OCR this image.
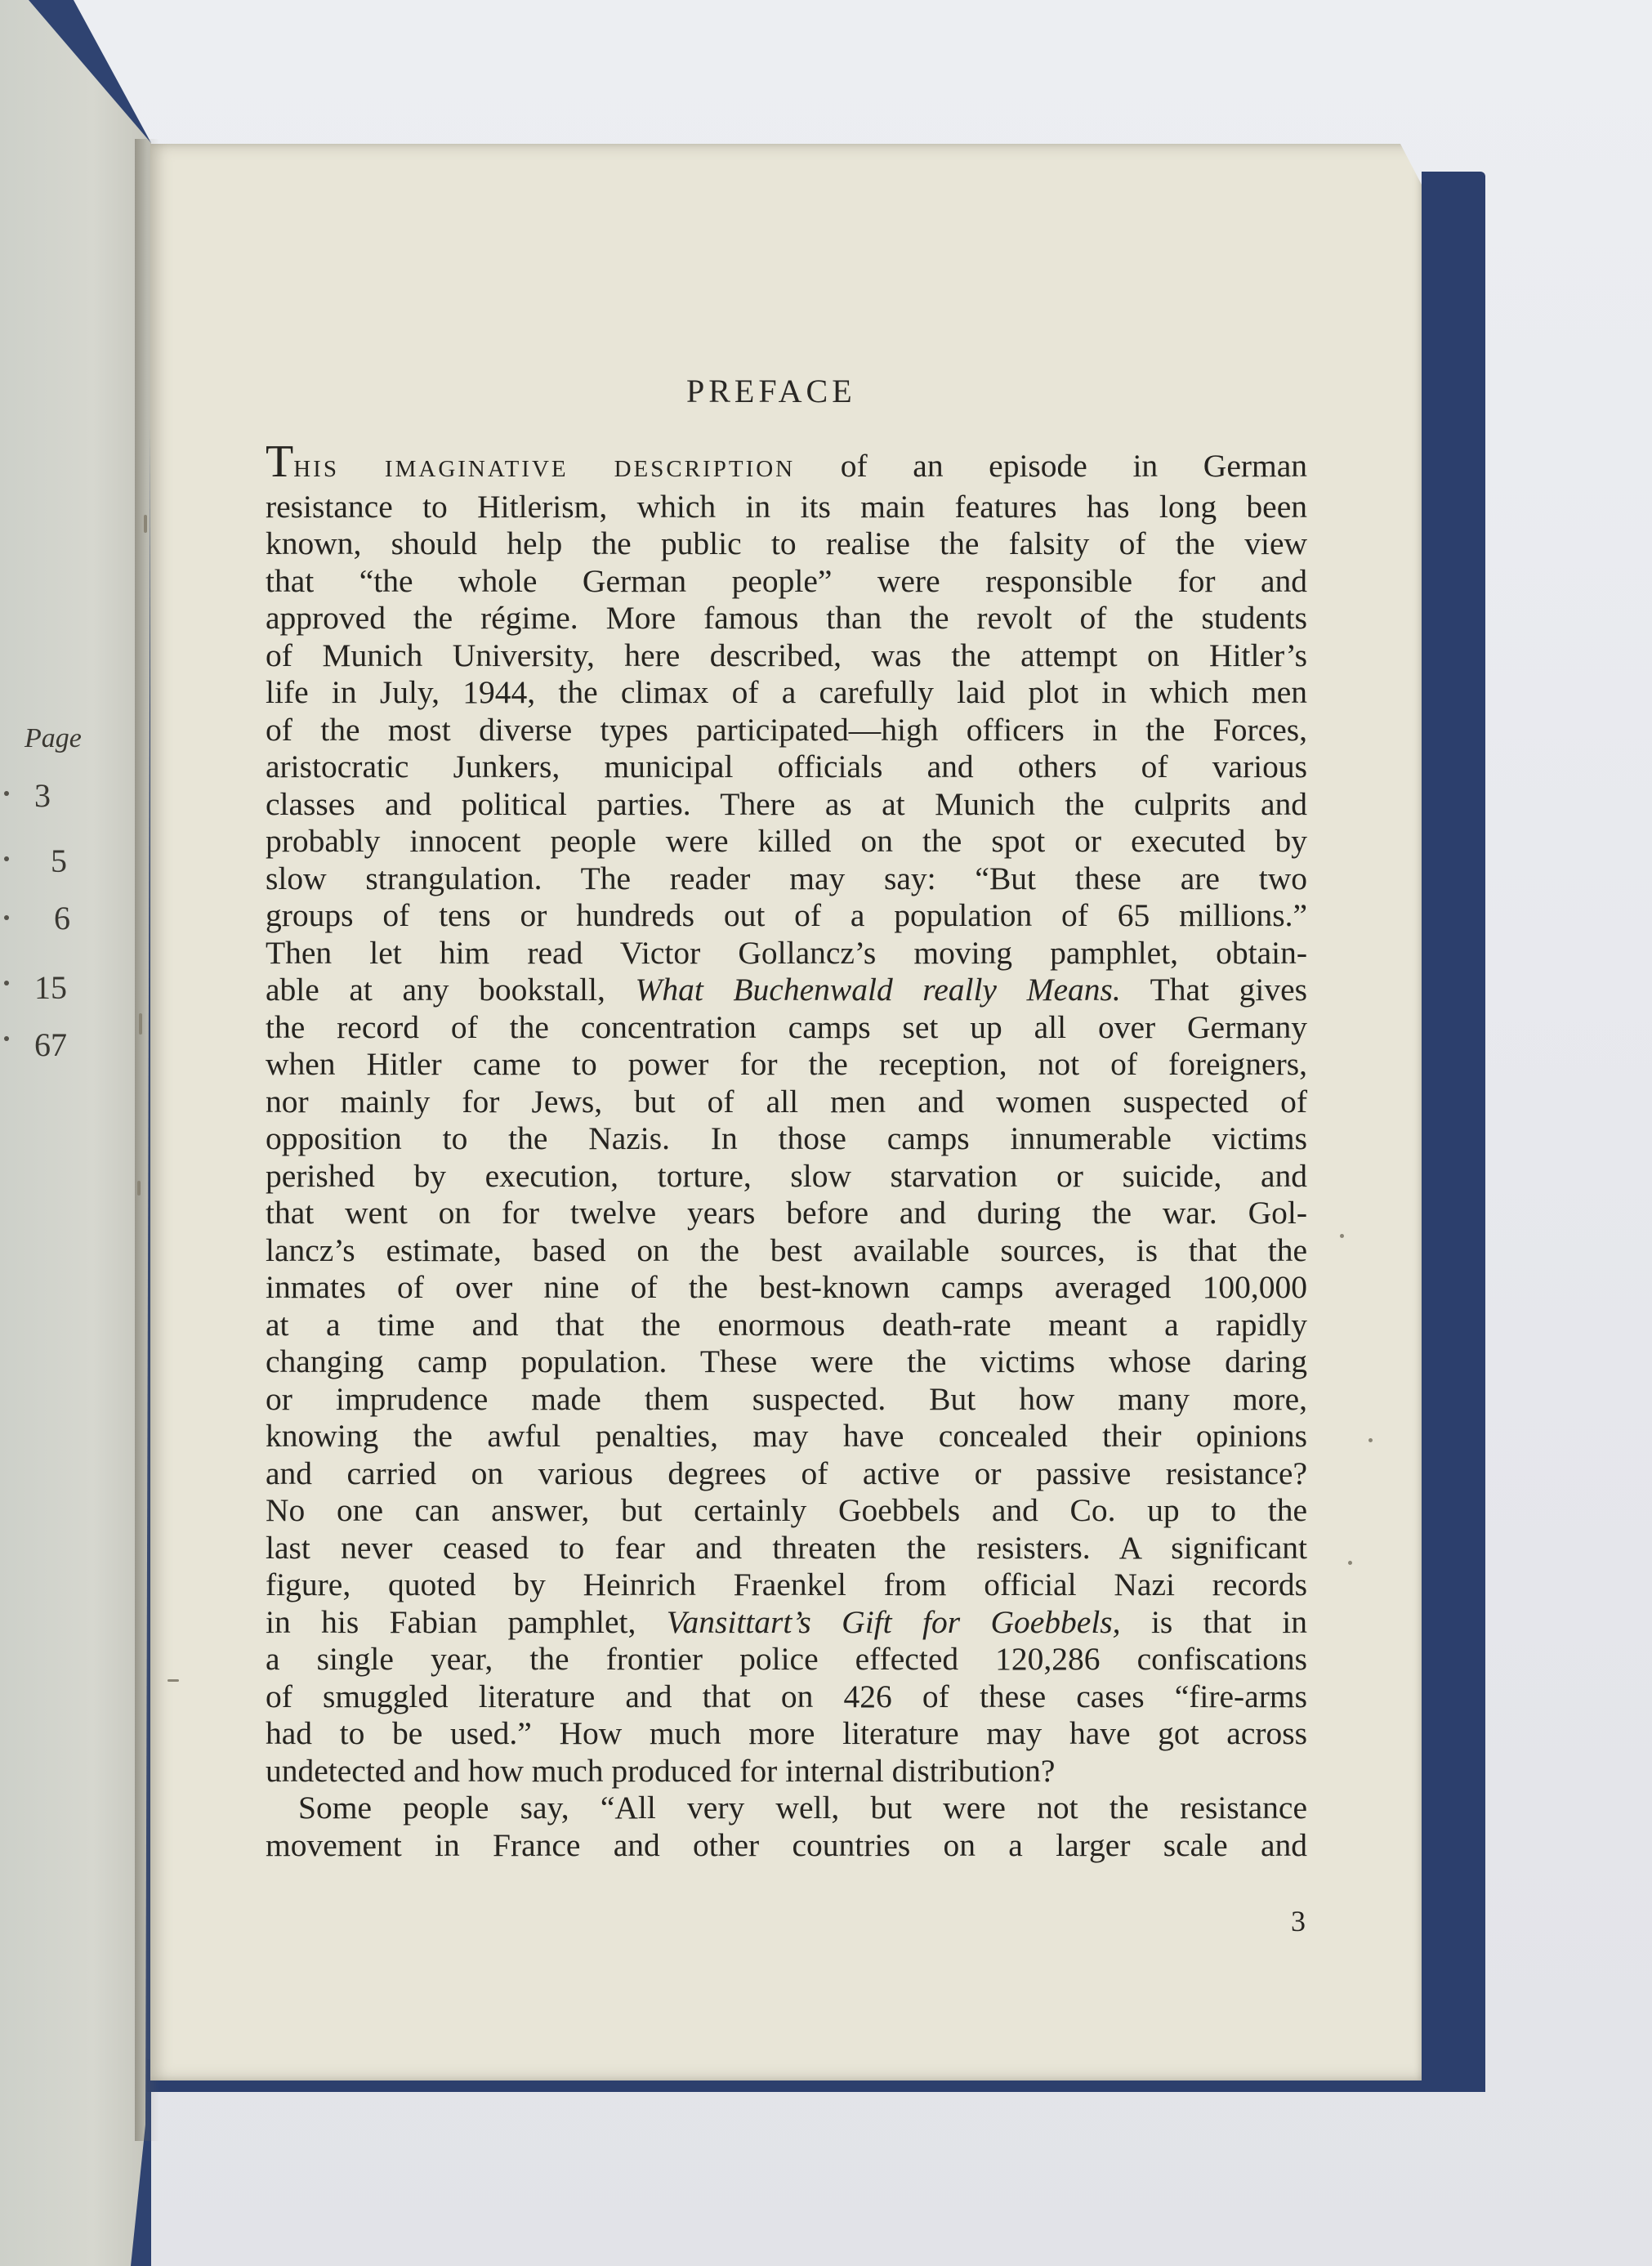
Page
3
5
6
15
67
PREFACE
THIS IMAGINATIVE DESCRIPTION of an episode in German
resistance to Hitlerism, which in its main features has long been
known, should help the public to realise the falsity of the view
that “the whole German people” were responsible for and
approved the régime. More famous than the revolt of the students
of Munich University, here described, was the attempt on Hitler’s
life in July, 1944, the climax of a carefully laid plot in which men
of the most diverse types participated—high officers in the Forces,
aristocratic Junkers, municipal officials and others of various
classes and political parties. There as at Munich the culprits and
probably innocent people were killed on the spot or executed by
slow strangulation. The reader may say: “But these are two
groups of tens or hundreds out of a population of 65 millions.”
Then let him read Victor Gollancz’s moving pamphlet, obtain-
able at any bookstall, What Buchenwald really Means. That gives
the record of the concentration camps set up all over Germany
when Hitler came to power for the reception, not of foreigners,
nor mainly for Jews, but of all men and women suspected of
opposition to the Nazis. In those camps innumerable victims
perished by execution, torture, slow starvation or suicide, and
that went on for twelve years before and during the war. Gol-
lancz’s estimate, based on the best available sources, is that the
inmates of over nine of the best-known camps averaged 100,000
at a time and that the enormous death-rate meant a rapidly
changing camp population. These were the victims whose daring
or imprudence made them suspected. But how many more,
knowing the awful penalties, may have concealed their opinions
and carried on various degrees of active or passive resistance?
No one can answer, but certainly Goebbels and Co. up to the
last never ceased to fear and threaten the resisters. A significant
figure, quoted by Heinrich Fraenkel from official Nazi records
in his Fabian pamphlet, Vansittart’s Gift for Goebbels, is that in
a single year, the frontier police effected 120,286 confiscations
of smuggled literature and that on 426 of these cases “fire-arms
had to be used.” How much more literature may have got across
undetected and how much produced for internal distribution?
Some people say, “All very well, but were not the resistance
movement in France and other countries on a larger scale and
3
